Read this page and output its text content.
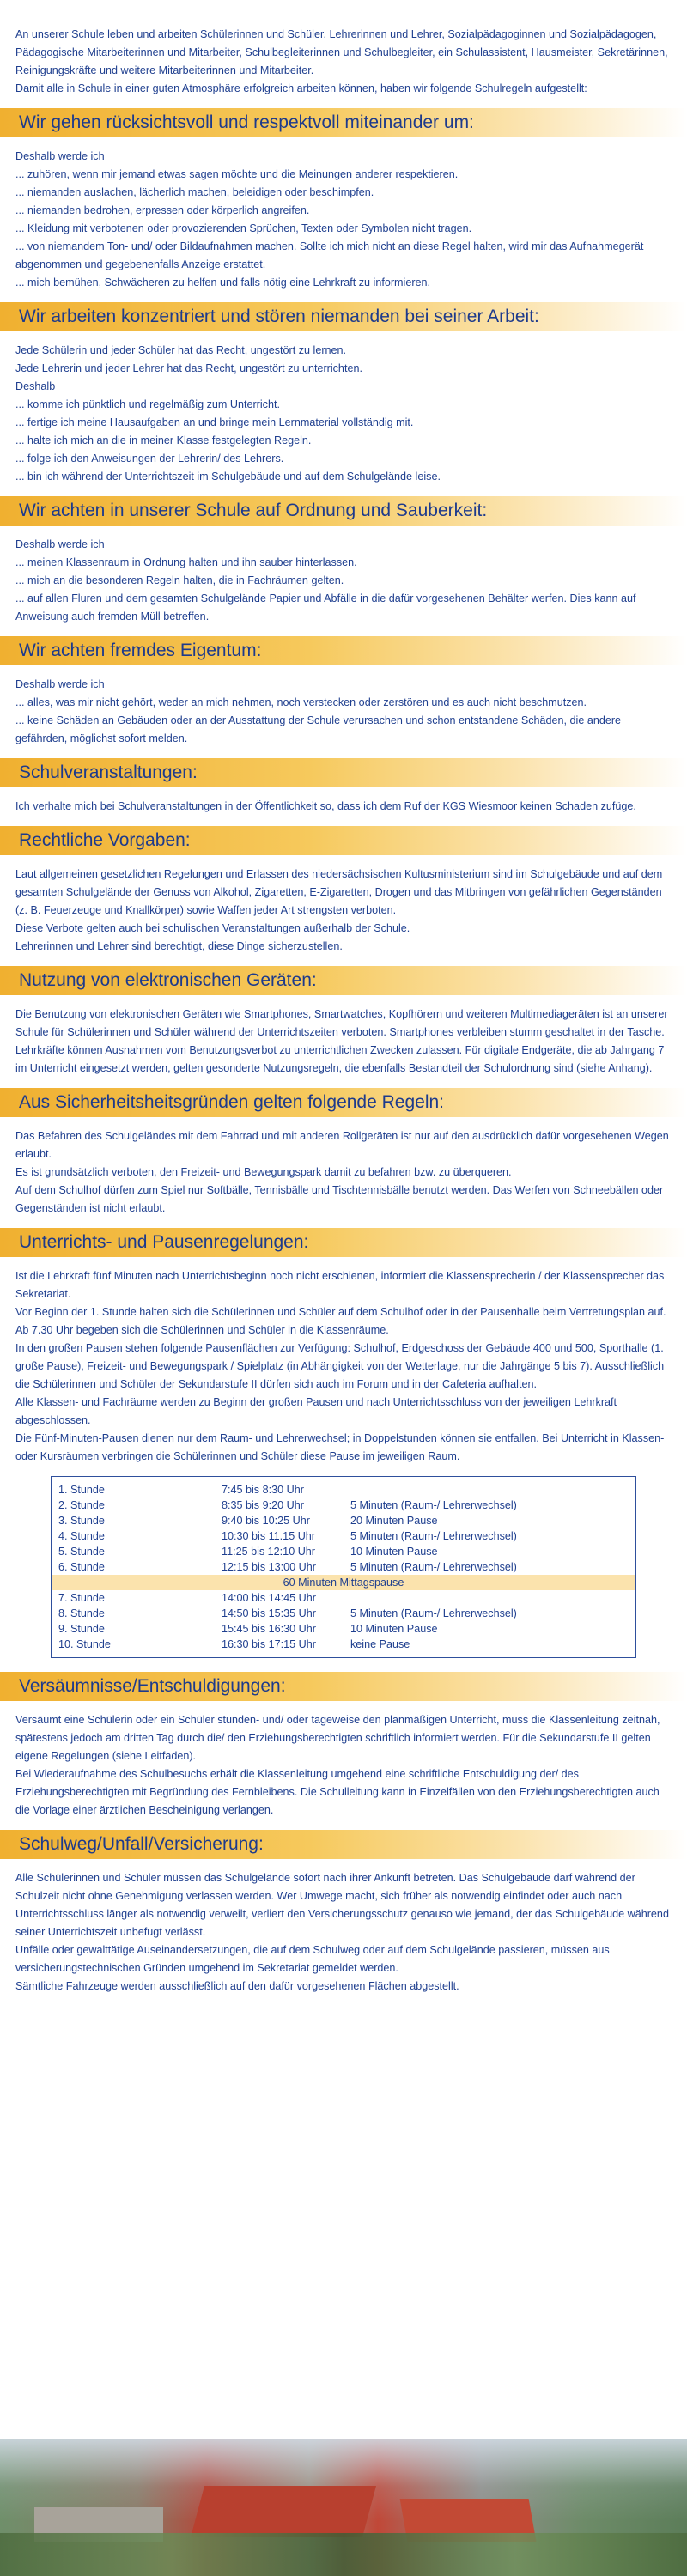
An unserer Schule leben und arbeiten Schülerinnen und Schüler, Lehrerinnen und Lehrer, Sozialpädagoginnen und Sozialpädagogen, Pädagogische Mitarbeiterinnen und Mitarbeiter, Schulbegleiterinnen und Schulbegleiter, ein Schulassistent, Hausmeister, Sekretärinnen, Reinigungskräfte und weitere Mitarbeiterinnen und Mitarbeiter.

Damit alle in Schule in einer guten Atmosphäre erfolgreich arbeiten können, haben wir folgende Schulregeln aufgestellt:

Wir gehen rücksichtsvoll und respektvoll miteinander um:

Deshalb werde ich

... zuhören, wenn mir jemand etwas sagen möchte und die Meinungen anderer respektieren.

... niemanden auslachen, lächerlich machen, beleidigen oder beschimpfen.

... niemanden bedrohen, erpressen oder körperlich angreifen.

... Kleidung mit verbotenen oder provozierenden Sprüchen, Texten oder Symbolen nicht tragen.

... von niemandem Ton- und/ oder Bildaufnahmen machen. Sollte ich mich nicht an diese Regel halten, wird mir das Aufnahmegerät abgenommen und gegebenenfalls Anzeige erstattet.

... mich bemühen, Schwächeren zu helfen und falls nötig eine Lehrkraft zu informieren.

Wir arbeiten konzentriert und stören niemanden bei seiner Arbeit:

Jede Schülerin und jeder Schüler hat das Recht, ungestört zu lernen.

Jede Lehrerin und jeder Lehrer hat das Recht, ungestört zu unterrichten.

Deshalb

... komme ich pünktlich und regelmäßig zum Unterricht.

... fertige ich meine Hausaufgaben an und bringe mein Lernmaterial vollständig mit.

... halte ich mich an die in meiner Klasse festgelegten Regeln.

... folge ich den Anweisungen der Lehrerin/ des Lehrers.

... bin ich während der Unterrichtszeit im Schulgebäude und auf dem Schulgelände leise.

Wir achten in unserer Schule auf Ordnung und Sauberkeit:

Deshalb werde ich

... meinen Klassenraum in Ordnung halten und ihn sauber hinterlassen.

... mich an die besonderen Regeln halten, die in Fachräumen gelten.

... auf allen Fluren und dem gesamten Schulgelände Papier und Abfälle in die dafür vorgesehenen Behälter werfen. Dies kann auf Anweisung auch fremden Müll betreffen.

Wir achten fremdes Eigentum:

Deshalb werde ich

... alles, was mir nicht gehört, weder an mich nehmen, noch verstecken oder zerstören und es auch nicht beschmutzen.

... keine Schäden an Gebäuden oder an der Ausstattung der Schule verursachen und schon entstandene Schäden, die andere gefährden, möglichst sofort melden.

Schulveranstaltungen:

Ich verhalte mich bei Schulveranstaltungen in der Öffentlichkeit so, dass ich dem Ruf der KGS Wiesmoor keinen Schaden zufüge.

Rechtliche Vorgaben:

Laut allgemeinen gesetzlichen Regelungen und Erlassen des niedersächsischen Kultusministerium sind im Schulgebäude und auf dem gesamten Schulgelände der Genuss von Alkohol, Zigaretten, E-Zigaretten, Drogen und das Mitbringen von gefährlichen Gegenständen (z. B. Feuerzeuge und Knallkörper) sowie Waffen jeder Art strengsten verboten.

Diese Verbote gelten auch bei schulischen Veranstaltungen außerhalb der Schule.

Lehrerinnen und Lehrer sind berechtigt, diese Dinge sicherzustellen.

Nutzung von elektronischen Geräten:

Die Benutzung von elektronischen Geräten wie Smartphones, Smartwatches, Kopfhörern und weiteren Multimediageräten ist an unserer Schule für Schülerinnen und Schüler während der Unterrichtszeiten verboten. Smartphones verbleiben stumm geschaltet in der Tasche. Lehrkräfte können Ausnahmen vom Benutzungsverbot zu unterrichtlichen Zwecken zulassen. Für digitale Endgeräte, die ab Jahrgang 7 im Unterricht eingesetzt werden, gelten gesonderte Nutzungsregeln, die ebenfalls Bestandteil der Schulordnung sind (siehe Anhang).

Aus Sicherheitsheitsgründen gelten folgende Regeln:

Das Befahren des Schulgeländes mit dem Fahrrad und mit anderen Rollgeräten ist nur auf den ausdrücklich dafür vorgesehenen Wegen erlaubt.

Es ist grundsätzlich verboten, den Freizeit- und Bewegungspark damit zu befahren bzw. zu überqueren.

Auf dem Schulhof dürfen zum Spiel nur Softbälle, Tennisbälle und Tischtennisbälle benutzt werden. Das Werfen von Schneebällen oder Gegenständen ist nicht erlaubt.

Unterrichts- und Pausenregelungen:

Ist die Lehrkraft fünf Minuten nach Unterrichtsbeginn noch nicht erschienen, informiert die Klassensprecherin / der Klassensprecher das Sekretariat.

Vor Beginn der 1. Stunde halten sich die Schülerinnen und Schüler auf dem Schulhof oder in der Pausenhalle beim Vertretungsplan auf. Ab 7.30 Uhr begeben sich die Schülerinnen und Schüler in die Klassenräume.

In den großen Pausen stehen folgende Pausenflächen zur Verfügung: Schulhof, Erdgeschoss der Gebäude 400 und 500, Sporthalle (1. große Pause), Freizeit- und Bewegungspark / Spielplatz (in Abhängigkeit von der Wetterlage, nur die Jahrgänge 5 bis 7). Ausschließlich die Schülerinnen und Schüler der Sekundarstufe II dürfen sich auch im Forum und in der Cafeteria aufhalten.

Alle Klassen- und Fachräume werden zu Beginn der großen Pausen und nach Unterrichtsschluss von der jeweiligen Lehrkraft abgeschlossen.

Die Fünf-Minuten-Pausen dienen nur dem Raum- und Lehrerwechsel; in Doppelstunden können sie entfallen. Bei Unterricht in Klassen- oder Kursräumen verbringen die Schülerinnen und Schüler diese Pause im jeweiligen Raum.

1. Stunde	7:45 bis 8:30 Uhr
2. Stunde	8:35 bis 9:20 Uhr	5 Minuten (Raum-/ Lehrerwechsel)
3. Stunde	9:40 bis 10:25 Uhr	20 Minuten Pause
4. Stunde	10:30 bis 11.15 Uhr	5 Minuten (Raum-/ Lehrerwechsel)
5. Stunde	11:25 bis 12:10 Uhr	10 Minuten Pause
6. Stunde	12:15 bis 13:00 Uhr	5 Minuten (Raum-/ Lehrerwechsel)
60 Minuten Mittagspause
7. Stunde	14:00 bis 14:45 Uhr
8. Stunde	14:50 bis 15:35 Uhr	5 Minuten (Raum-/ Lehrerwechsel)
9. Stunde	15:45 bis 16:30 Uhr	10 Minuten Pause
10. Stunde	16:30 bis 17:15 Uhr	keine Pause
Versäumnisse/Entschuldigungen:

Versäumt eine Schülerin oder ein Schüler stunden- und/ oder tageweise den planmäßigen Unterricht, muss die Klassenleitung zeitnah, spätestens jedoch am dritten Tag durch die/ den Erziehungsberechtigten schriftlich informiert werden. Für die Sekundarstufe II gelten eigene Regelungen (siehe Leitfaden).

Bei Wiederaufnahme des Schulbesuchs erhält die Klassenleitung umgehend eine schriftliche Entschuldigung der/ des Erziehungsberechtigten mit Begründung des Fernbleibens. Die Schulleitung kann in Einzelfällen von den Erziehungsberechtigten auch die Vorlage einer ärztlichen Bescheinigung verlangen.

Schulweg/Unfall/Versicherung:

Alle Schülerinnen und Schüler müssen das Schulgelände sofort nach ihrer Ankunft betreten. Das Schulgebäude darf während der Schulzeit nicht ohne Genehmigung verlassen werden. Wer Umwege macht, sich früher als notwendig einfindet oder auch nach Unterrichtsschluss länger als notwendig verweilt, verliert den Versicherungsschutz genauso wie jemand, der das Schulgebäude während seiner Unterrichtszeit unbefugt verlässt.

Unfälle oder gewalttätige Auseinandersetzungen, die auf dem Schulweg oder auf dem Schulgelände passieren, müssen aus versicherungstechnischen Gründen umgehend im Sekretariat gemeldet werden.

Sämtliche Fahrzeuge werden ausschließlich auf den dafür vorgesehenen Flächen abgestellt.
